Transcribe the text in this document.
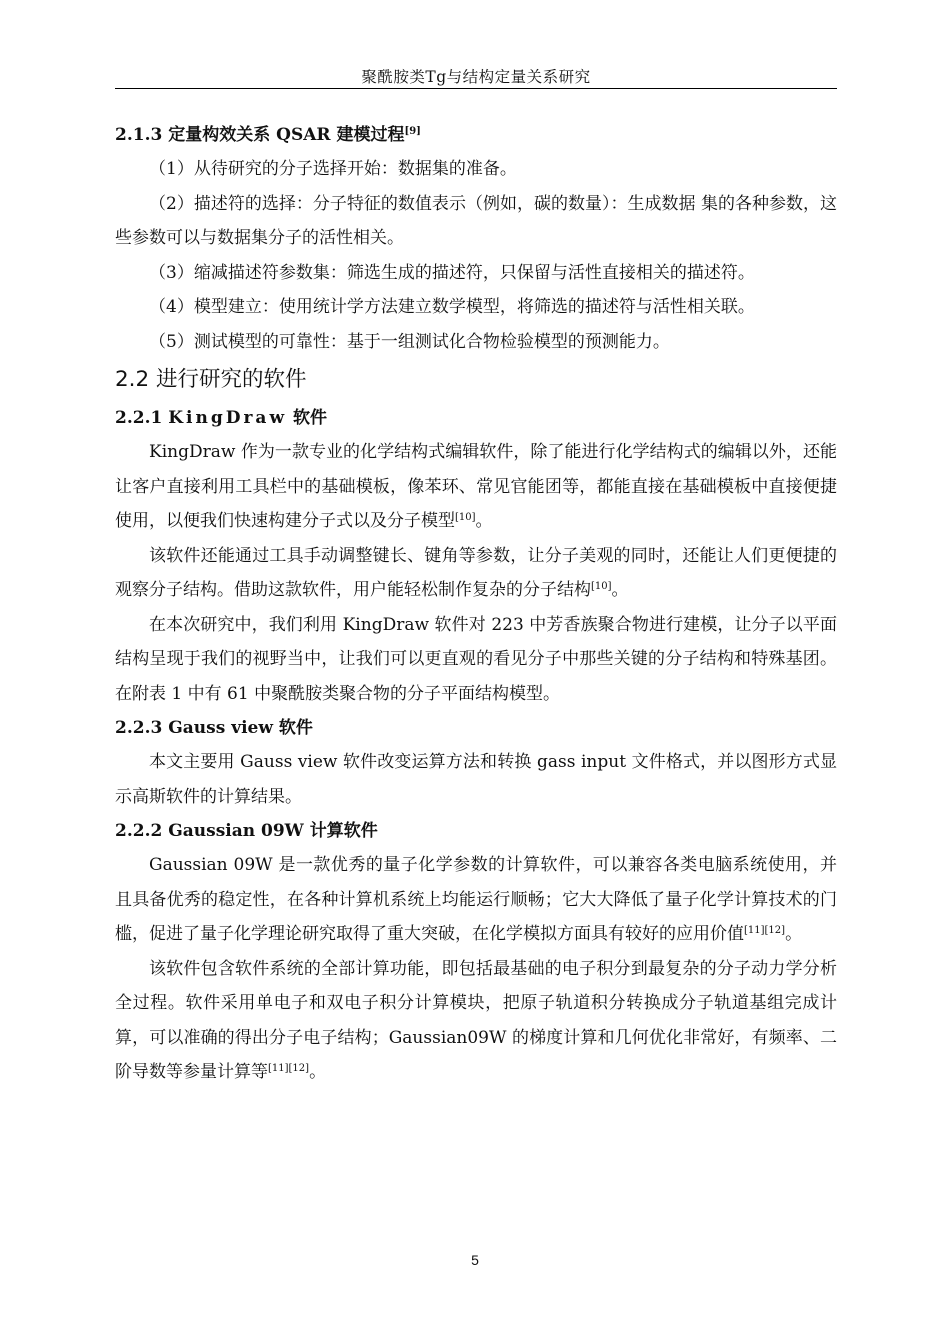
聚酰胺类Tg与结构定量关系研究
2.1.3 定量构效关系 QSAR 建模过程[9]

（1）从待研究的分子选择开始：数据集的准备。

（2）描述符的选择：分子特征的数值表示（例如，碳的数量）：生成数据 集的各种参数，这些参数可以与数据集分子的活性相关。

（3）缩减描述符参数集：筛选生成的描述符，只保留与活性直接相关的描述符。

（4）模型建立：使用统计学方法建立数学模型，将筛选的描述符与活性相关联。

（5）测试模型的可靠性：基于一组测试化合物检验模型的预测能力。

2.2 进行研究的软件
2.2.1 KingDraw 软件

KingDraw 作为一款专业的化学结构式编辑软件，除了能进行化学结构式的编辑以外，还能让客户直接利用工具栏中的基础模板，像苯环、常见官能团等，都能直接在基础模板中直接便捷使用，以便我们快速构建分子式以及分子模型[10]。

该软件还能通过工具手动调整键长、键角等参数，让分子美观的同时，还能让人们更便捷的观察分子结构。借助这款软件，用户能轻松制作复杂的分子结构[10]。

在本次研究中，我们利用 KingDraw 软件对 223 中芳香族聚合物进行建模，让分子以平面结构呈现于我们的视野当中，让我们可以更直观的看见分子中那些关键的分子结构和特殊基团。在附表 1 中有 61 中聚酰胺类聚合物的分子平面结构模型。

2.2.3 Gauss view 软件

本文主要用 Gauss view 软件改变运算方法和转换 gass input 文件格式，并以图形方式显示高斯软件的计算结果。

2.2.2 Gaussian 09W 计算软件

Gaussian 09W 是一款优秀的量子化学参数的计算软件，可以兼容各类电脑系统使用，并且具备优秀的稳定性，在各种计算机系统上均能运行顺畅；它大大降低了量子化学计算技术的门槛，促进了量子化学理论研究取得了重大突破，在化学模拟方面具有较好的应用价值[11][12]。

该软件包含软件系统的全部计算功能，即包括最基础的电子积分到最复杂的分子动力学分析全过程。软件采用单电子和双电子积分计算模块，把原子轨道积分转换成分子轨道基组完成计算，可以准确的得出分子电子结构；Gaussian09W 的梯度计算和几何优化非常好，有频率、二阶导数等参量计算等[11][12]。

5
